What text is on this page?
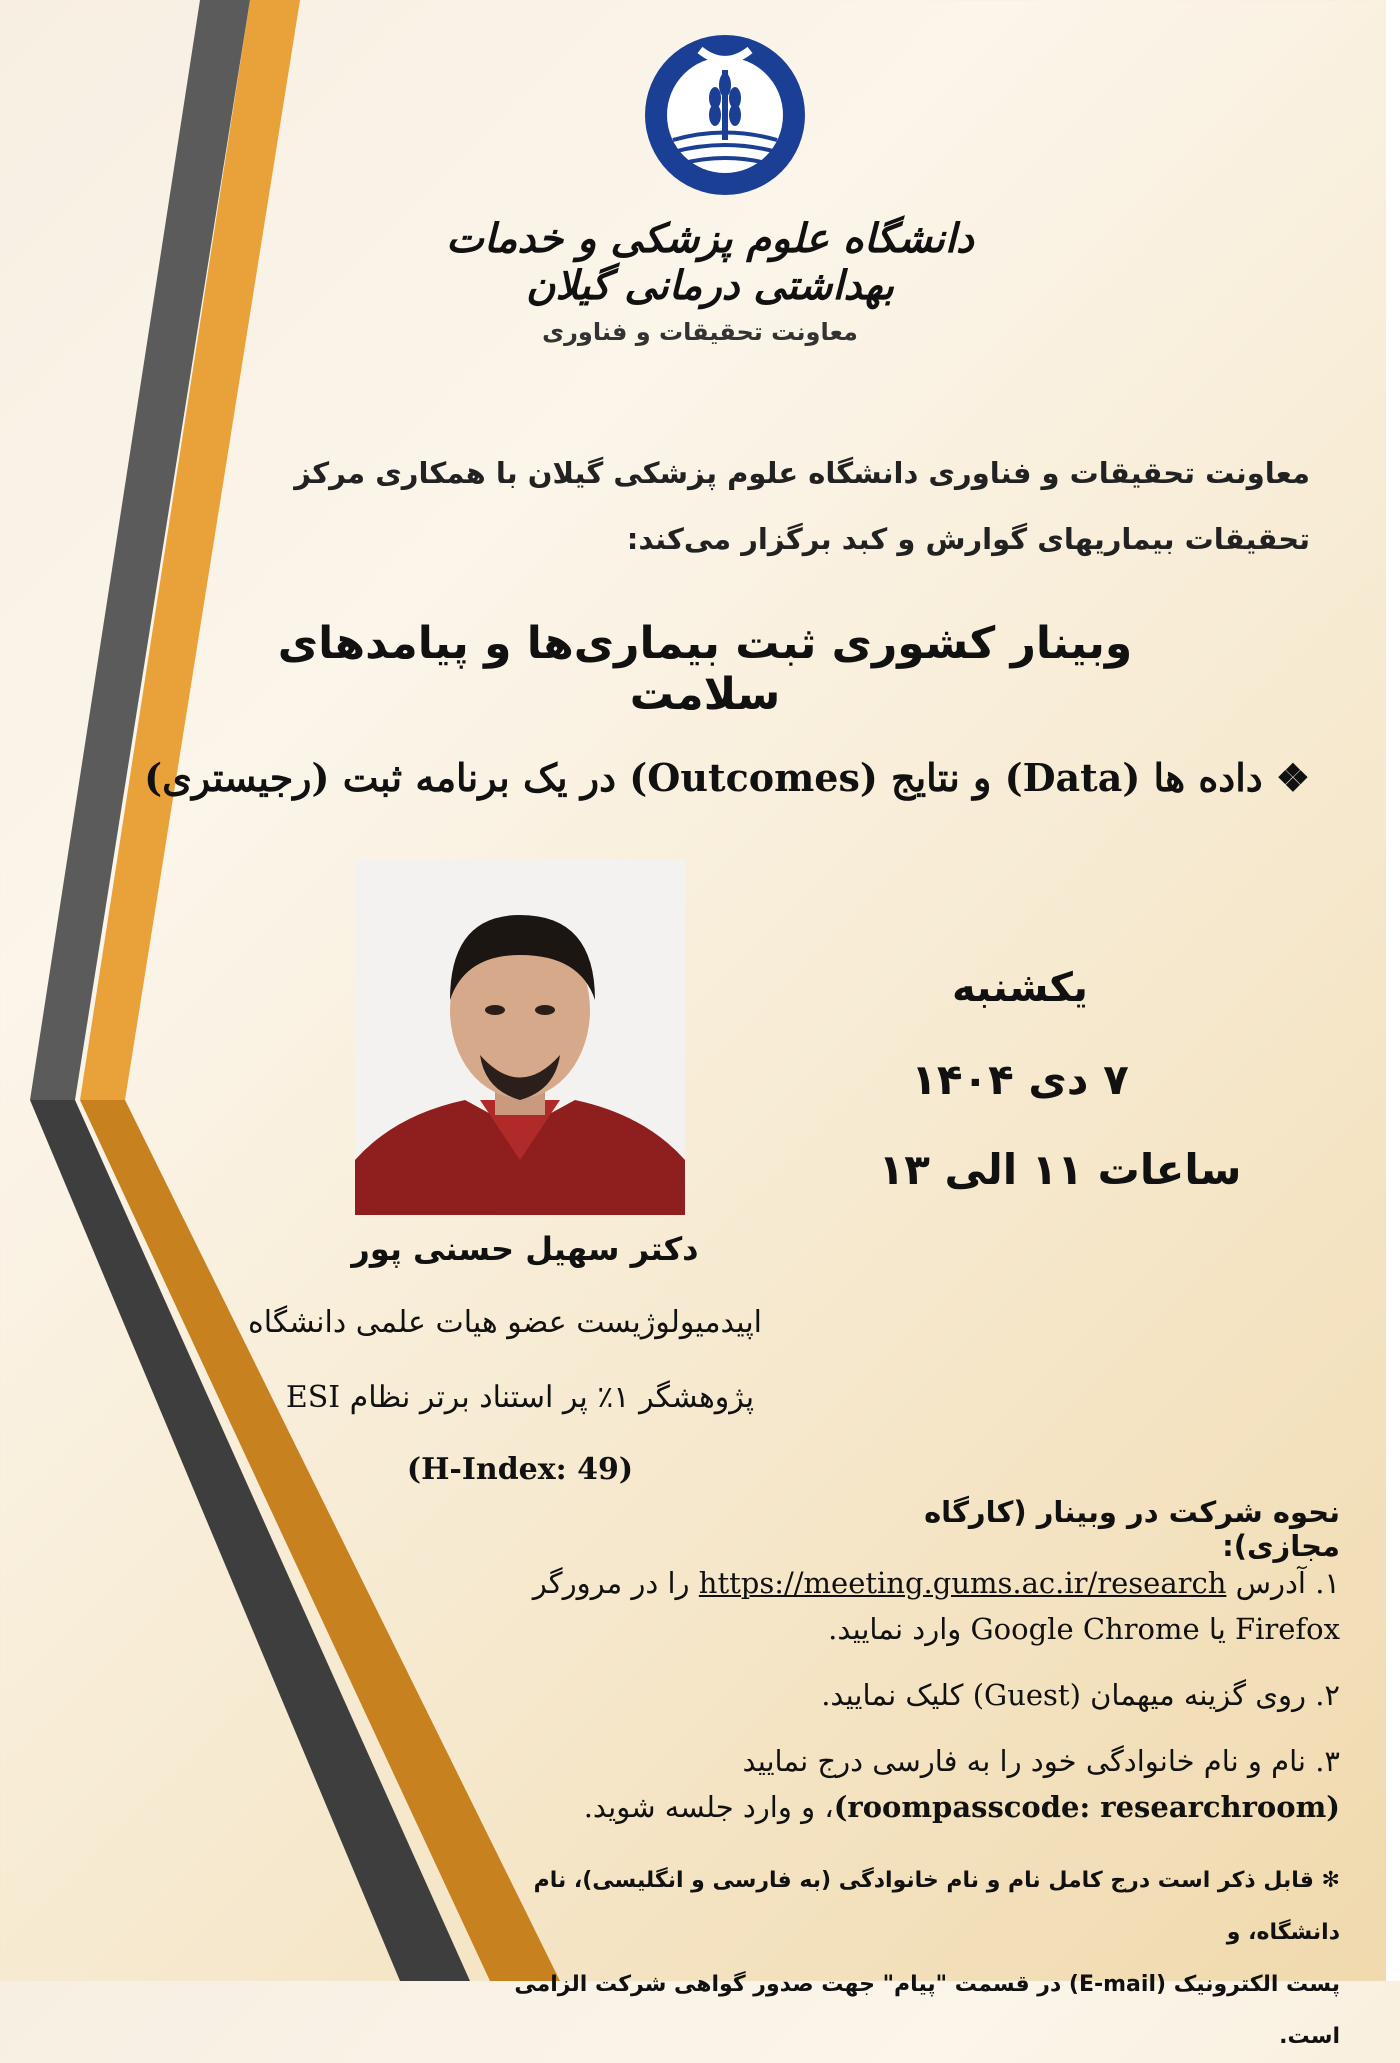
دانشگاه علوم پزشکی و خدمات بهداشتی درمانی گیلان
معاونت تحقیقات و فناوری
معاونت تحقیقات و فناوری دانشگاه علوم پزشکی گیلان با همکاری مرکز تحقیقات بیماریهای گوارش و کبد برگزار می‌کند:
وبینار کشوری ثبت بیماری‌ها و پیامدهای سلامت
❖ داده ها (Data) و نتایج (Outcomes) در یک برنامه ثبت (رجیستری)
یکشنبه
۷ دی ۱۴۰۴
ساعات ۱۱ الی ۱۳
دکتر سهیل حسنی پور
اپیدمیولوژیست عضو هیات علمی دانشگاه
پژوهشگر ۱٪ پر استناد برتر نظام ESI
(H-Index: 49)
نحوه شرکت در وبینار (کارگاه مجازی):
۱. آدرس https://meeting.gums.ac.ir/research را در مرورگر Firefox یا Google Chrome وارد نمایید.
۲. روی گزینه میهمان (Guest) کلیک نمایید.
۳. نام و نام خانوادگی خود را به فارسی درج نمایید
(roompasscode: researchroom)، و وارد جلسه شوید.
✻ قابل ذکر است درج کامل نام و نام خانوادگی (به فارسی و انگلیسی)، نام دانشگاه، و
پست الکترونیک (E-mail) در قسمت "پیام" جهت صدور گواهی شرکت الزامی است.
